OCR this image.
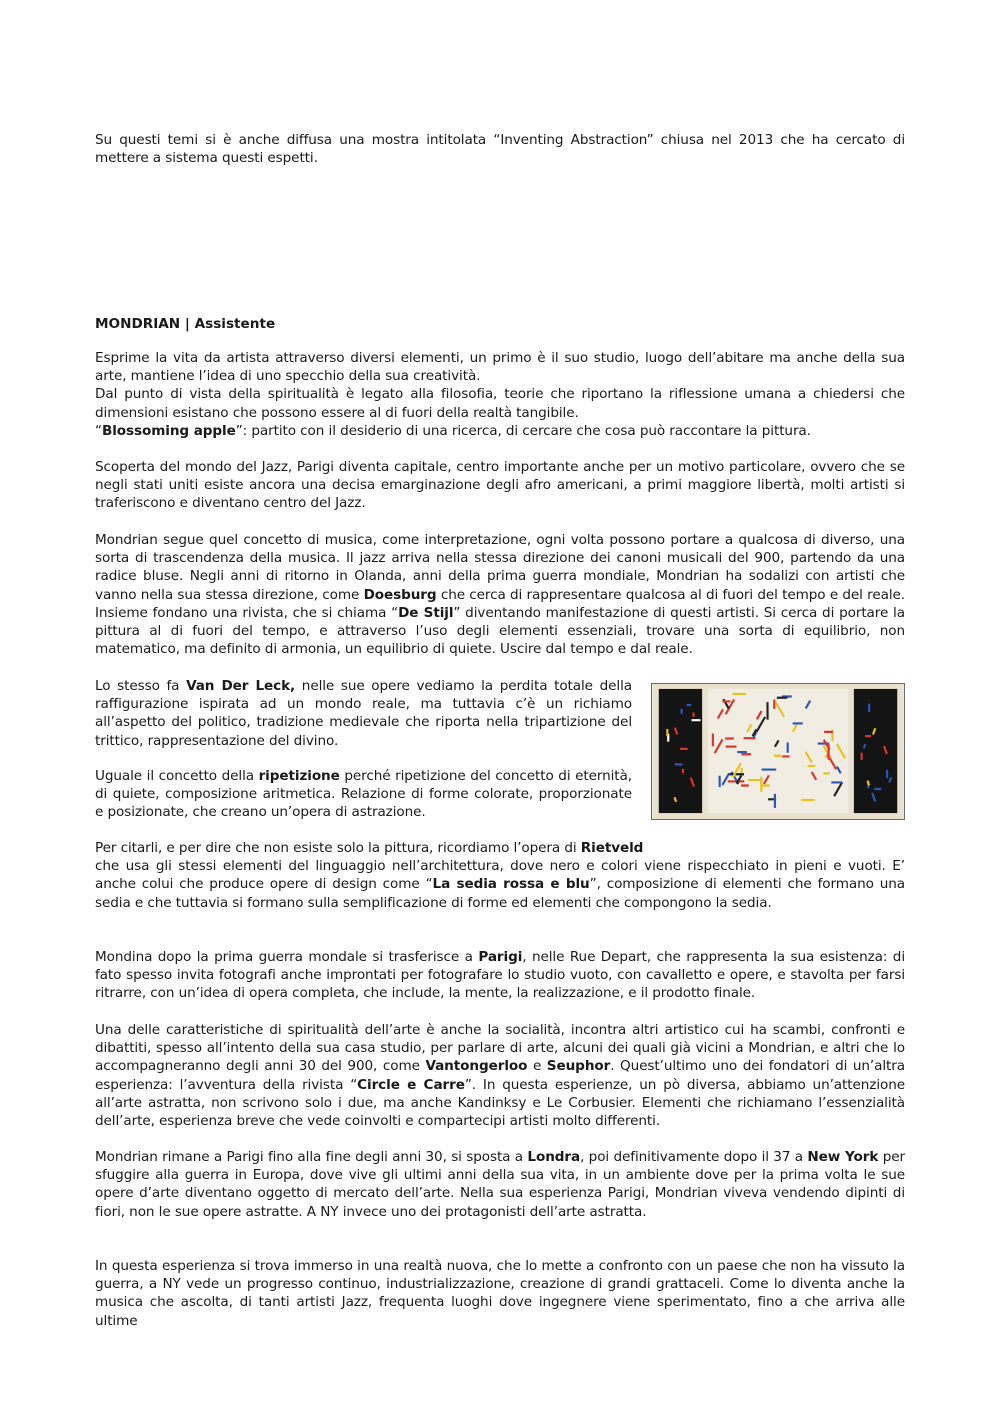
Su questi temi si è anche diffusa una mostra intitolata “Inventing Abstraction” chiusa nel 2013 che ha cercato di mettere a sistema questi espetti.

MONDRIAN | Assistente

Esprime la vita da artista attraverso diversi elementi, un primo è il suo studio, luogo dell’abitare ma anche della sua arte, mantiene l’idea di uno specchio della sua creatività.
Dal punto di vista della spiritualità è legato alla filosofia, teorie che riportano la riflessione umana a chiedersi che dimensioni esistano che possono essere al di fuori della realtà tangibile.
“Blossoming apple”: partito con il desiderio di una ricerca, di cercare che cosa può raccontare la pittura.

Scoperta del mondo del Jazz, Parigi diventa capitale, centro importante anche per un motivo particolare, ovvero che se negli stati uniti esiste ancora una decisa emarginazione degli afro americani, a primi maggiore libertà, molti artisti si traferiscono e diventano centro del Jazz.

Mondrian segue quel concetto di musica, come interpretazione, ogni volta possono portare a qualcosa di diverso, una sorta di trascendenza della musica. Il jazz arriva nella stessa direzione dei canoni musicali del 900, partendo da una radice bluse. Negli anni di ritorno in Olanda, anni della prima guerra mondiale, Mondrian ha sodalizi con artisti che vanno nella sua stessa direzione, come Doesburg che cerca di rappresentare qualcosa al di fuori del tempo e del reale. Insieme fondano una rivista, che si chiama “De Stijl” diventando manifestazione di questi artisti. Si cerca di portare la pittura al di fuori del tempo, e attraverso l’uso degli elementi essenziali, trovare una sorta di equilibrio, non matematico, ma definito di armonia, un equilibrio di quiete. Uscire dal tempo e dal reale.

Lo stesso fa Van Der Leck, nelle sue opere vediamo la perdita totale della raffigurazione ispirata ad un mondo reale, ma tuttavia c’è un richiamo all’aspetto del politico, tradizione medievale che riporta nella tripartizione del trittico, rappresentazione del divino.

Uguale il concetto della ripetizione perché ripetizione del concetto di eternità, di quiete, composizione aritmetica. Relazione di forme colorate, proporzionate e posizionate, che creano un’opera di astrazione.

Per citarli, e per dire che non esiste solo la pittura, ricordiamo l’opera di Rietveld
che usa gli stessi elementi del linguaggio nell’architettura, dove nero e colori viene rispecchiato in pieni e vuoti. E’ anche colui che produce opere di design come “La sedia rossa e blu”, composizione di elementi che formano una sedia e che tuttavia si formano sulla semplificazione di forme ed elementi che compongono la sedia.

Mondina dopo la prima guerra mondale si trasferisce a Parigi, nelle Rue Depart, che rappresenta la sua esistenza: di fato spesso invita fotografi anche improntati per fotografare lo studio vuoto, con cavalletto e opere, e stavolta per farsi ritrarre, con un’idea di opera completa, che include, la mente, la realizzazione, e il prodotto finale.

Una delle caratteristiche di spiritualità dell’arte è anche la socialità, incontra altri artistico cui ha scambi, confronti e dibattiti, spesso all’intento della sua casa studio, per parlare di arte, alcuni dei quali già vicini a Mondrian, e altri che lo accompagneranno degli anni 30 del 900, come Vantongerloo e Seuphor. Quest’ultimo uno dei fondatori di un’altra esperienza: l’avventura della rivista “Circle e Carre”. In questa esperienze, un pò diversa, abbiamo un’attenzione all’arte astratta, non scrivono solo i due, ma anche Kandinksy e Le Corbusier. Elementi che richiamano l’essenzialità dell’arte, esperienza breve che vede coinvolti e compartecipi artisti molto differenti.

Mondrian rimane a Parigi fino alla fine degli anni 30, si sposta a Londra, poi definitivamente dopo il 37 a New York per sfuggire alla guerra in Europa, dove vive gli ultimi anni della sua vita, in un ambiente dove per la prima volta le sue opere d’arte diventano oggetto di mercato dell’arte. Nella sua esperienza Parigi, Mondrian viveva vendendo dipinti di fiori, non le sue opere astratte. A NY invece uno dei protagonisti dell’arte astratta.

In questa esperienza si trova immerso in una realtà nuova, che lo mette a confronto con un paese che non ha vissuto la guerra, a NY vede un progresso continuo, industrializzazione, creazione di grandi grattaceli. Come lo diventa anche la musica che ascolta, di tanti artisti Jazz, frequenta luoghi dove ingegnere viene sperimentato, fino a che arriva alle ultime
